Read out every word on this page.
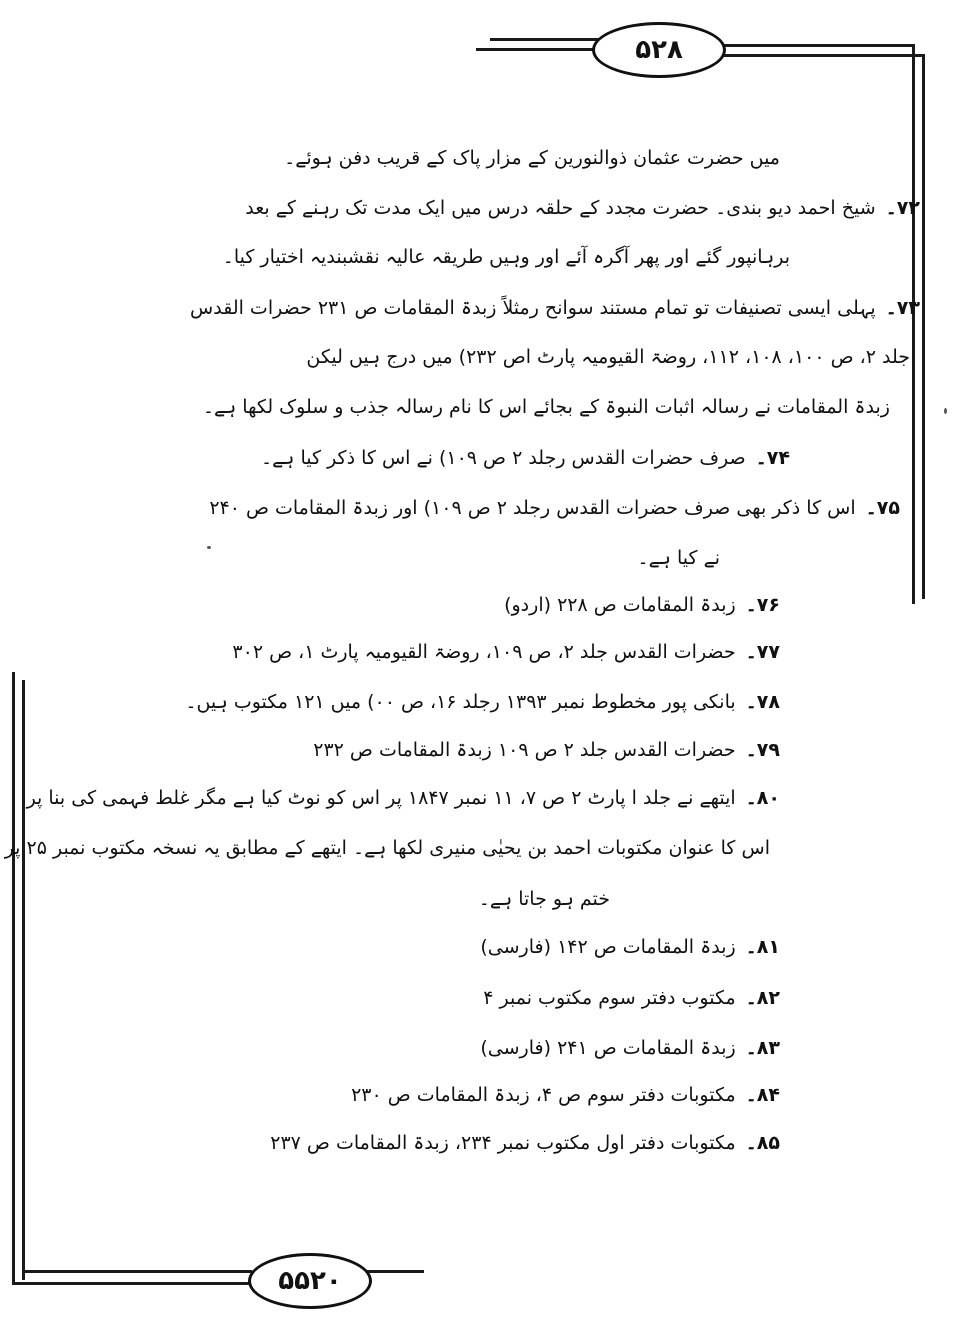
۵۲۸
۵۵۲۰
میں حضرت عثمان ذوالنورین کے مزار پاک کے قریب دفن ہوئے۔
۷۲۔شیخ احمد دیو بندی۔ حضرت مجدد کے حلقہ درس میں ایک مدت تک رہنے کے بعد
برہانپور گئے اور پھر آگرہ آئے اور وہیں طریقہ عالیہ نقشبندیہ اختیار کیا۔
۷۳۔پہلی ایسی تصنیفات تو تمام مستند سوانح رمثلاً زبدۃ المقامات ص ۲۳۱ حضرات القدس
جلد ۲، ص ۱۰۰، ۱۰۸، ۱۱۲، روضۃ القیومیہ پارٹ اص ۲۳۲) میں درج ہیں لیکن
زبدۃ المقامات نے رسالہ اثبات النبوۃ کے بجائے اس کا نام رسالہ جذب و سلوک لکھا ہے۔
۷۴۔صرف حضرات القدس رجلد ۲ ص ۱۰۹) نے اس کا ذکر کیا ہے۔
۷۵۔اس کا ذکر بھی صرف حضرات القدس رجلد ۲ ص ۱۰۹) اور زبدۃ المقامات ص ۲۴۰
نے کیا ہے۔
۷۶۔زبدۃ المقامات ص ۲۲۸ (اردو)
۷۷۔حضرات القدس جلد ۲، ص ۱۰۹، روضۃ القیومیہ پارٹ ۱، ص ۳۰۲
۷۸۔بانکی پور مخطوط نمبر ۱۳۹۳ رجلد ۱۶، ص ۰۰) میں ۱۲۱ مکتوب ہیں۔
۷۹۔حضرات القدس جلد ۲ ص ۱۰۹ زبدۃ المقامات ص ۲۳۲
۸۰۔ایتھے نے جلد ا پارٹ ۲ ص ۷، ۱۱ نمبر ۱۸۴۷ پر اس کو نوٹ کیا ہے مگر غلط فہمی کی بنا پر
اس کا عنوان مکتوبات احمد بن یحیٰی منیری لکھا ہے۔ ایتھے کے مطابق یہ نسخہ مکتوب نمبر ۲۵ پر
ختم ہو جاتا ہے۔
۸۱۔زبدۃ المقامات ص ۱۴۲ (فارسی)
۸۲۔مکتوب دفتر سوم مکتوب نمبر ۴
۸۳۔زبدۃ المقامات ص ۲۴۱ (فارسی)
۸۴۔مکتوبات دفتر سوم ص ۴، زبدۃ المقامات ص ۲۳۰
۸۵۔مکتوبات دفتر اول مکتوب نمبر ۲۳۴، زبدۃ المقامات ص ۲۳۷
